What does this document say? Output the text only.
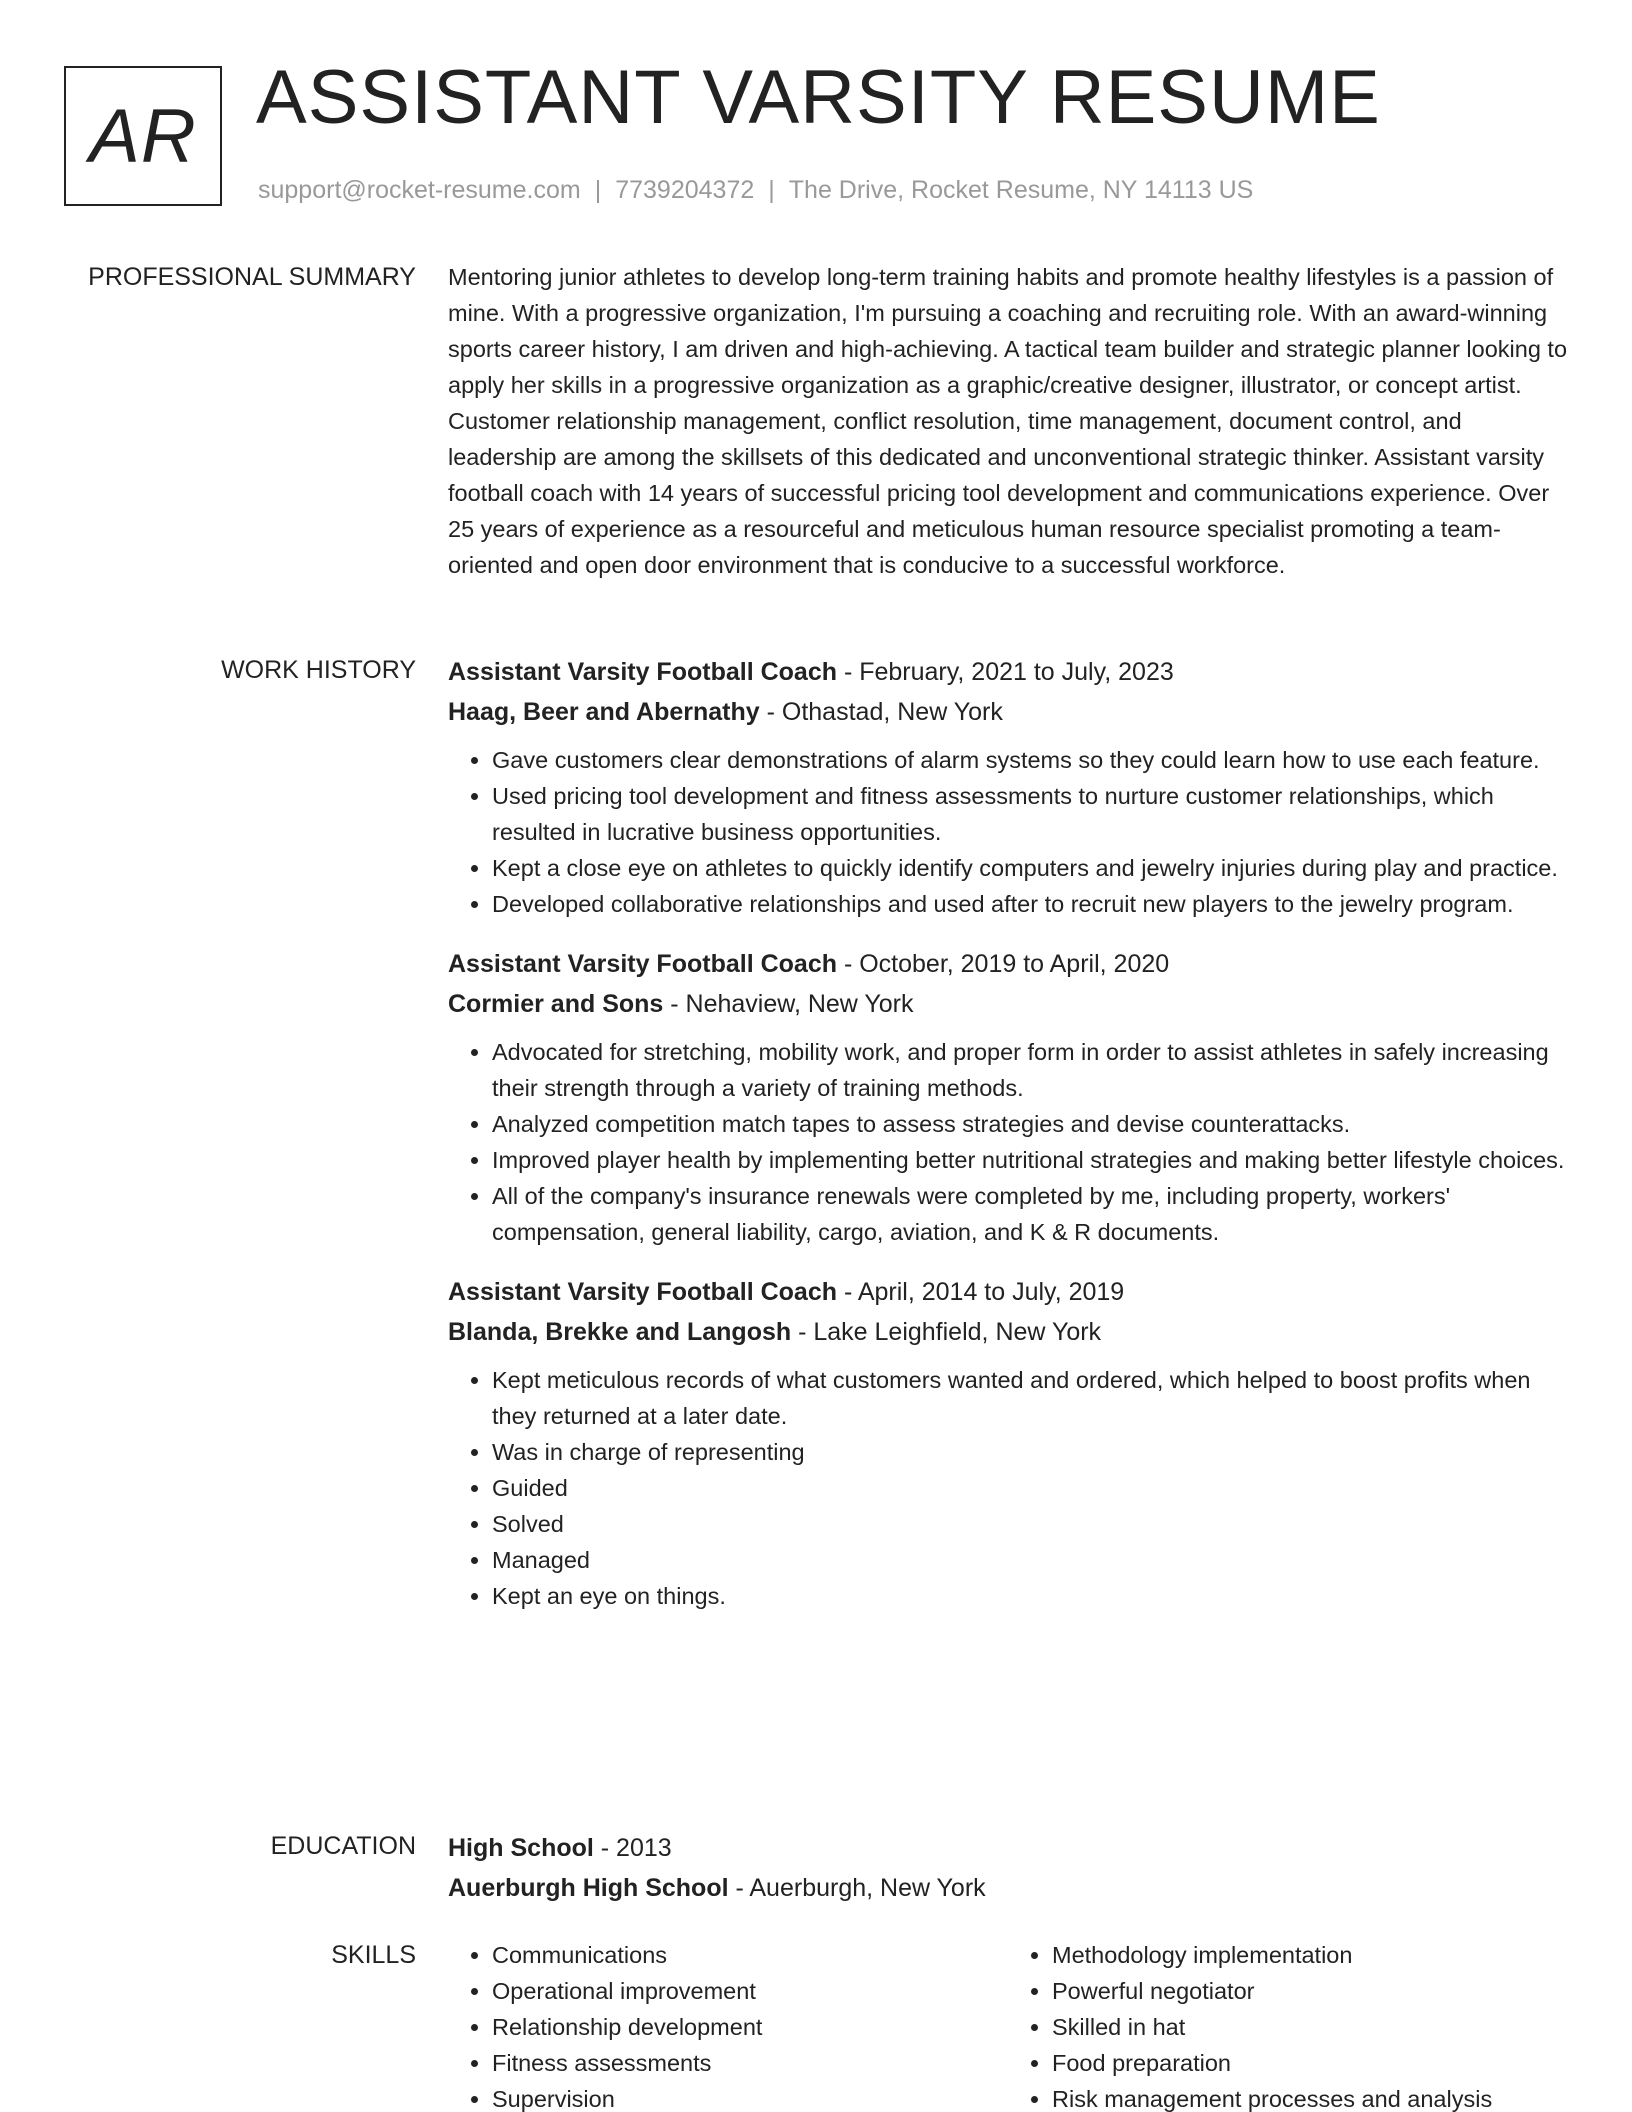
AR ASSISTANT VARSITY RESUME
support@rocket-resume.com | 7739204372 | The Drive, Rocket Resume, NY 14113 US
PROFESSIONAL SUMMARY Mentoring junior athletes to develop long-term training habits and promote healthy lifestyles is a passion of mine. With a progressive organization, I'm pursuing a coaching and recruiting role. With an award-winning sports career history, I am driven and high-achieving. A tactical team builder and strategic planner looking to apply her skills in a progressive organization as a graphic/creative designer, illustrator, or concept artist. Customer relationship management, conflict resolution, time management, document control, and leadership are among the skillsets of this dedicated and unconventional strategic thinker. Assistant varsity football coach with 14 years of successful pricing tool development and communications experience. Over 25 years of experience as a resourceful and meticulous human resource specialist promoting a team-oriented and open door environment that is conducive to a successful workforce.

WORK HISTORY Assistant Varsity Football Coach - February, 2021 to July, 2023
Haag, Beer and Abernathy - Othastad, New York
• Gave customers clear demonstrations of alarm systems so they could learn how to use each feature.
• Used pricing tool development and fitness assessments to nurture customer relationships, which resulted in lucrative business opportunities.
• Kept a close eye on athletes to quickly identify computers and jewelry injuries during play and practice.
• Developed collaborative relationships and used after to recruit new players to the jewelry program.
Assistant Varsity Football Coach - October, 2019 to April, 2020
Cormier and Sons - Nehaview, New York
• Advocated for stretching, mobility work, and proper form in order to assist athletes in safely increasing their strength through a variety of training methods.
• Analyzed competition match tapes to assess strategies and devise counterattacks.
• Improved player health by implementing better nutritional strategies and making better lifestyle choices.
• All of the company's insurance renewals were completed by me, including property, workers' compensation, general liability, cargo, aviation, and K & R documents.
Assistant Varsity Football Coach - April, 2014 to July, 2019
Blanda, Brekke and Langosh - Lake Leighfield, New York
• Kept meticulous records of what customers wanted and ordered, which helped to boost profits when they returned at a later date.
• Was in charge of representing
• Guided
• Solved
• Managed
• Kept an eye on things.
EDUCATION High School - 2013
Auerburgh High School - Auerburgh, New York
SKILLS
•	Communications
• Operational improvement
• Relationship development
• Fitness assessments
• Supervision
• Methodology implementation
• Powerful negotiator
• Skilled in hat
• Food preparation
• Risk management processes and analysis
